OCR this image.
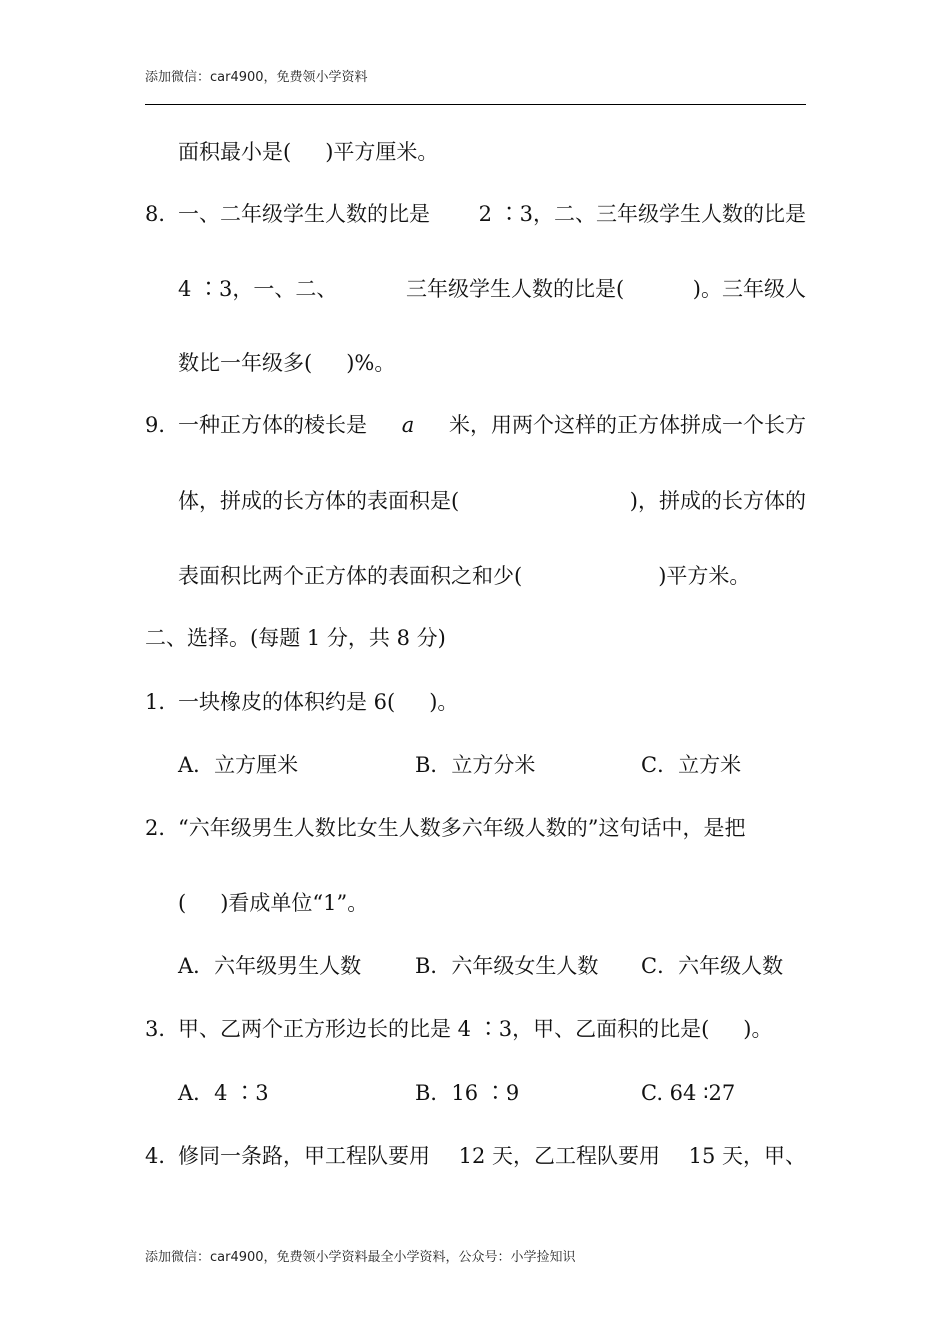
添加微信：car4900，免费领小学资料
面积最小是( )平方厘米。
8．
一、二年级学生人数的比是 2 ∶3，二、三年级学生人数的比是
4 ∶3，一、二、	三年级学生人数的比是(	)。三年级人
数比一年级多( )%。
9．
一种正方体的棱长是 a 米，用两个这样的正方体拼成一个长方
体，拼成的长方体的表面积是(	)，拼成的长方体的
表面积比两个正方体的表面积之和少(	)平方米。
二、选择。(每题 1 分，共 8 分)
1．
一块橡皮的体积约是 6( )。
A．立方厘米	B．立方分米	C．立方米
2．
“六年级男生人数比女生人数多六年级人数的”这句话中，是把
( )看成单位“1”。
A．六年级男生人数	B．六年级女生人数 C．六年级人数
3．
甲、乙两个正方形边长的比是 4 ∶3，甲、乙面积的比是( )。
A．4 ∶3	B．16 ∶9	C. 64 ∶27
4．
修同一条路，甲工程队要用 12 天，乙工程队要用 15 天，甲、
添加微信：car4900，免费领小学资料最全小学资料，公众号：小学捡知识
